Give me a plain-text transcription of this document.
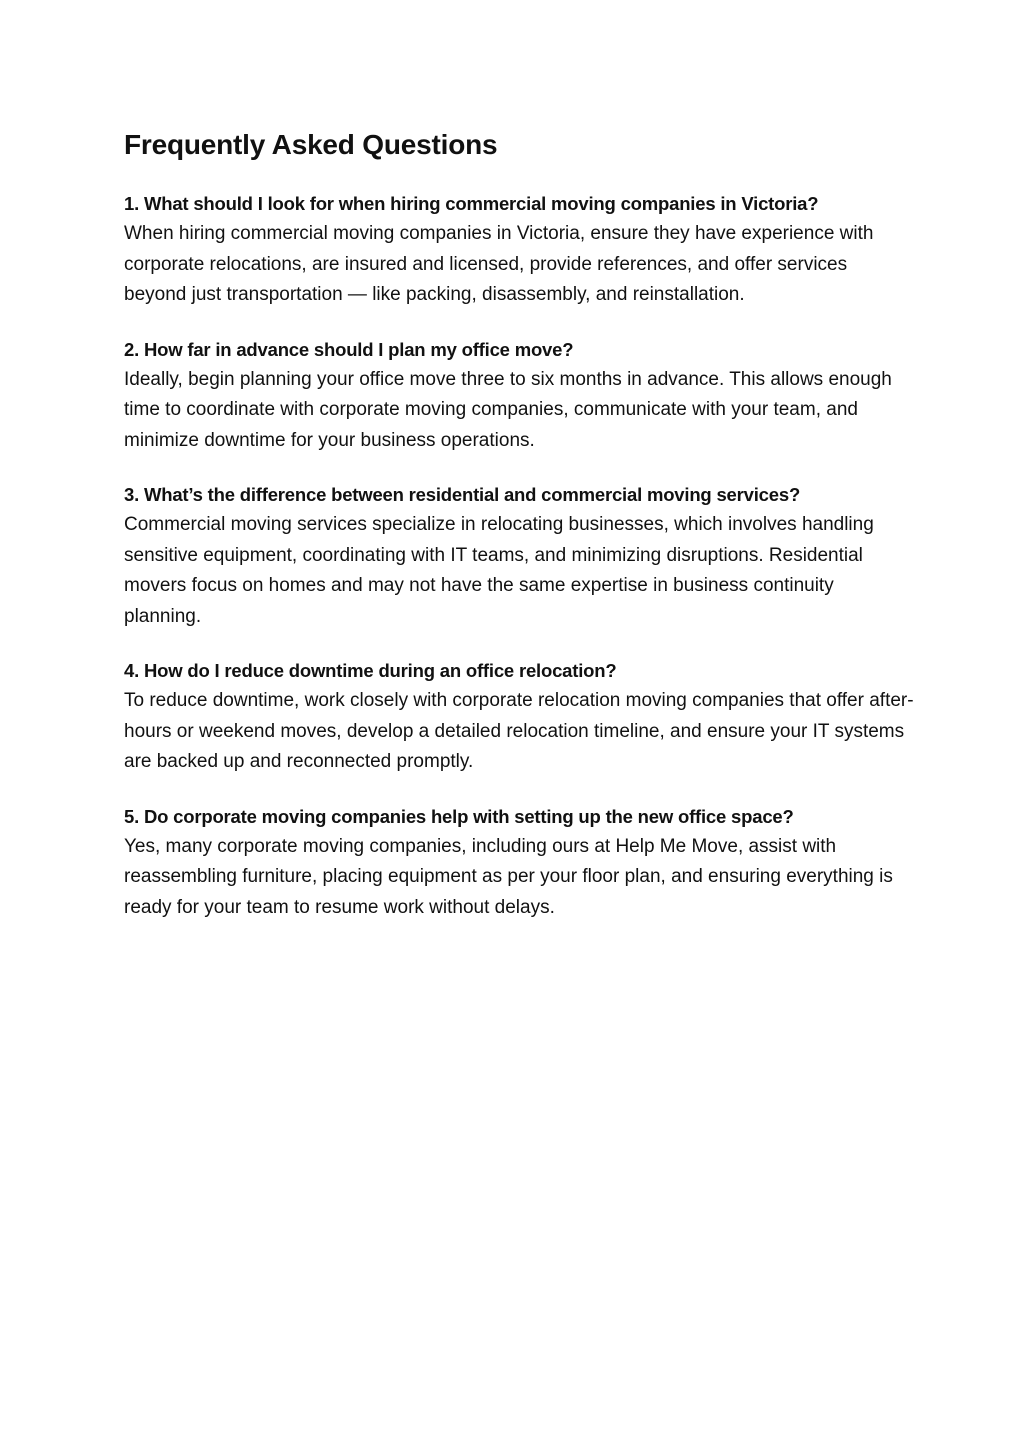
Frequently Asked Questions

1. What should I look for when hiring commercial moving companies in Victoria?

When hiring commercial moving companies in Victoria, ensure they have experience with corporate relocations, are insured and licensed, provide references, and offer services beyond just transportation — like packing, disassembly, and reinstallation.

2. How far in advance should I plan my office move?

Ideally, begin planning your office move three to six months in advance. This allows enough time to coordinate with corporate moving companies, communicate with your team, and minimize downtime for your business operations.

3. What’s the difference between residential and commercial moving services?

Commercial moving services specialize in relocating businesses, which involves handling sensitive equipment, coordinating with IT teams, and minimizing disruptions. Residential movers focus on homes and may not have the same expertise in business continuity planning.

4. How do I reduce downtime during an office relocation?

To reduce downtime, work closely with corporate relocation moving companies that offer after-hours or weekend moves, develop a detailed relocation timeline, and ensure your IT systems are backed up and reconnected promptly.

5. Do corporate moving companies help with setting up the new office space?

Yes, many corporate moving companies, including ours at Help Me Move, assist with reassembling furniture, placing equipment as per your floor plan, and ensuring everything is ready for your team to resume work without delays.
